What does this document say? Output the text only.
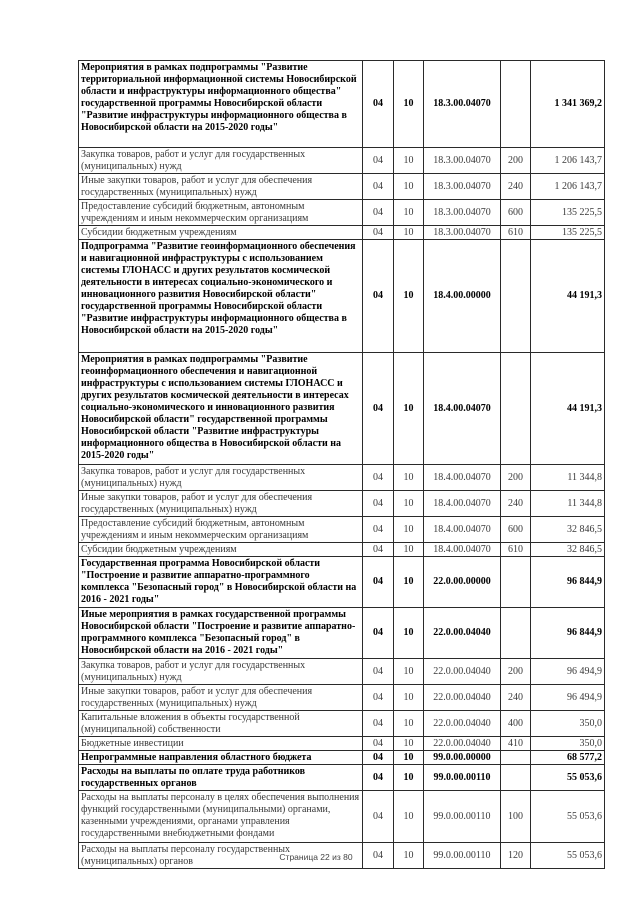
Мероприятия в рамках подпрограммы "Развитие территориальной информационной системы Новосибирской области и инфраструктуры информационного общества" государственной программы Новосибирской области "Развитие инфраструктуры информационного общества в Новосибирской области на 2015-2020 годы"	04	10	18.3.00.04070		1 341 369,2
Закупка товаров, работ и услуг для государственных (муниципальных) нужд	04	10	18.3.00.04070	200	1 206 143,7
Иные закупки товаров, работ и услуг для обеспечения государственных (муниципальных) нужд	04	10	18.3.00.04070	240	1 206 143,7
Предоставление субсидий бюджетным, автономным учреждениям и иным некоммерческим организациям	04	10	18.3.00.04070	600	135 225,5
Субсидии бюджетным учреждениям	04	10	18.3.00.04070	610	135 225,5
Подпрограмма "Развитие геоинформационного обеспечения и навигационной инфраструктуры с использованием системы ГЛОНАСС и других результатов космической деятельности в интересах социально-экономического и инновационного развития Новосибирской области" государственной программы Новосибирской области "Развитие инфраструктуры информационного общества в Новосибирской области на 2015-2020 годы"	04	10	18.4.00.00000		44 191,3
Мероприятия в рамках подпрограммы "Развитие геоинформационного обеспечения и навигационной инфраструктуры с использованием системы ГЛОНАСС и других результатов космической деятельности в интересах социально-экономического и инновационного развития Новосибирской области" государственной программы Новосибирской области "Развитие инфраструктуры информационного общества в Новосибирской области на 2015-2020 годы"	04	10	18.4.00.04070		44 191,3
Закупка товаров, работ и услуг для государственных (муниципальных) нужд	04	10	18.4.00.04070	200	11 344,8
Иные закупки товаров, работ и услуг для обеспечения государственных (муниципальных) нужд	04	10	18.4.00.04070	240	11 344,8
Предоставление субсидий бюджетным, автономным учреждениям и иным некоммерческим организациям	04	10	18.4.00.04070	600	32 846,5
Субсидии бюджетным учреждениям	04	10	18.4.00.04070	610	32 846,5
Государственная программа Новосибирской области "Построение и развитие аппаратно-программного комплекса "Безопасный город" в Новосибирской области на 2016 - 2021 годы"	04	10	22.0.00.00000		96 844,9
Иные мероприятия в рамках государственной программы Новосибирской области "Построение и развитие аппаратно-программного комплекса "Безопасный город" в Новосибирской области на 2016 - 2021 годы"	04	10	22.0.00.04040		96 844,9
Закупка товаров, работ и услуг для государственных (муниципальных) нужд	04	10	22.0.00.04040	200	96 494,9
Иные закупки товаров, работ и услуг для обеспечения государственных (муниципальных) нужд	04	10	22.0.00.04040	240	96 494,9
Капитальные вложения в объекты государственной (муниципальной) собственности	04	10	22.0.00.04040	400	350,0
Бюджетные инвестиции	04	10	22.0.00.04040	410	350,0
Непрограммные направления областного бюджета	04	10	99.0.00.00000		68 577,2
Расходы на выплаты по оплате труда работников государственных органов	04	10	99.0.00.00110		55 053,6
Расходы на выплаты персоналу в целях обеспечения выполнения функций государственными (муниципальными) органами, казенными учреждениями, органами управления государственными внебюджетными фондами	04	10	99.0.00.00110	100	55 053,6
Расходы на выплаты персоналу государственных (муниципальных) органов	04	10	99.0.00.00110	120	55 053,6
Страница 22 из 80
